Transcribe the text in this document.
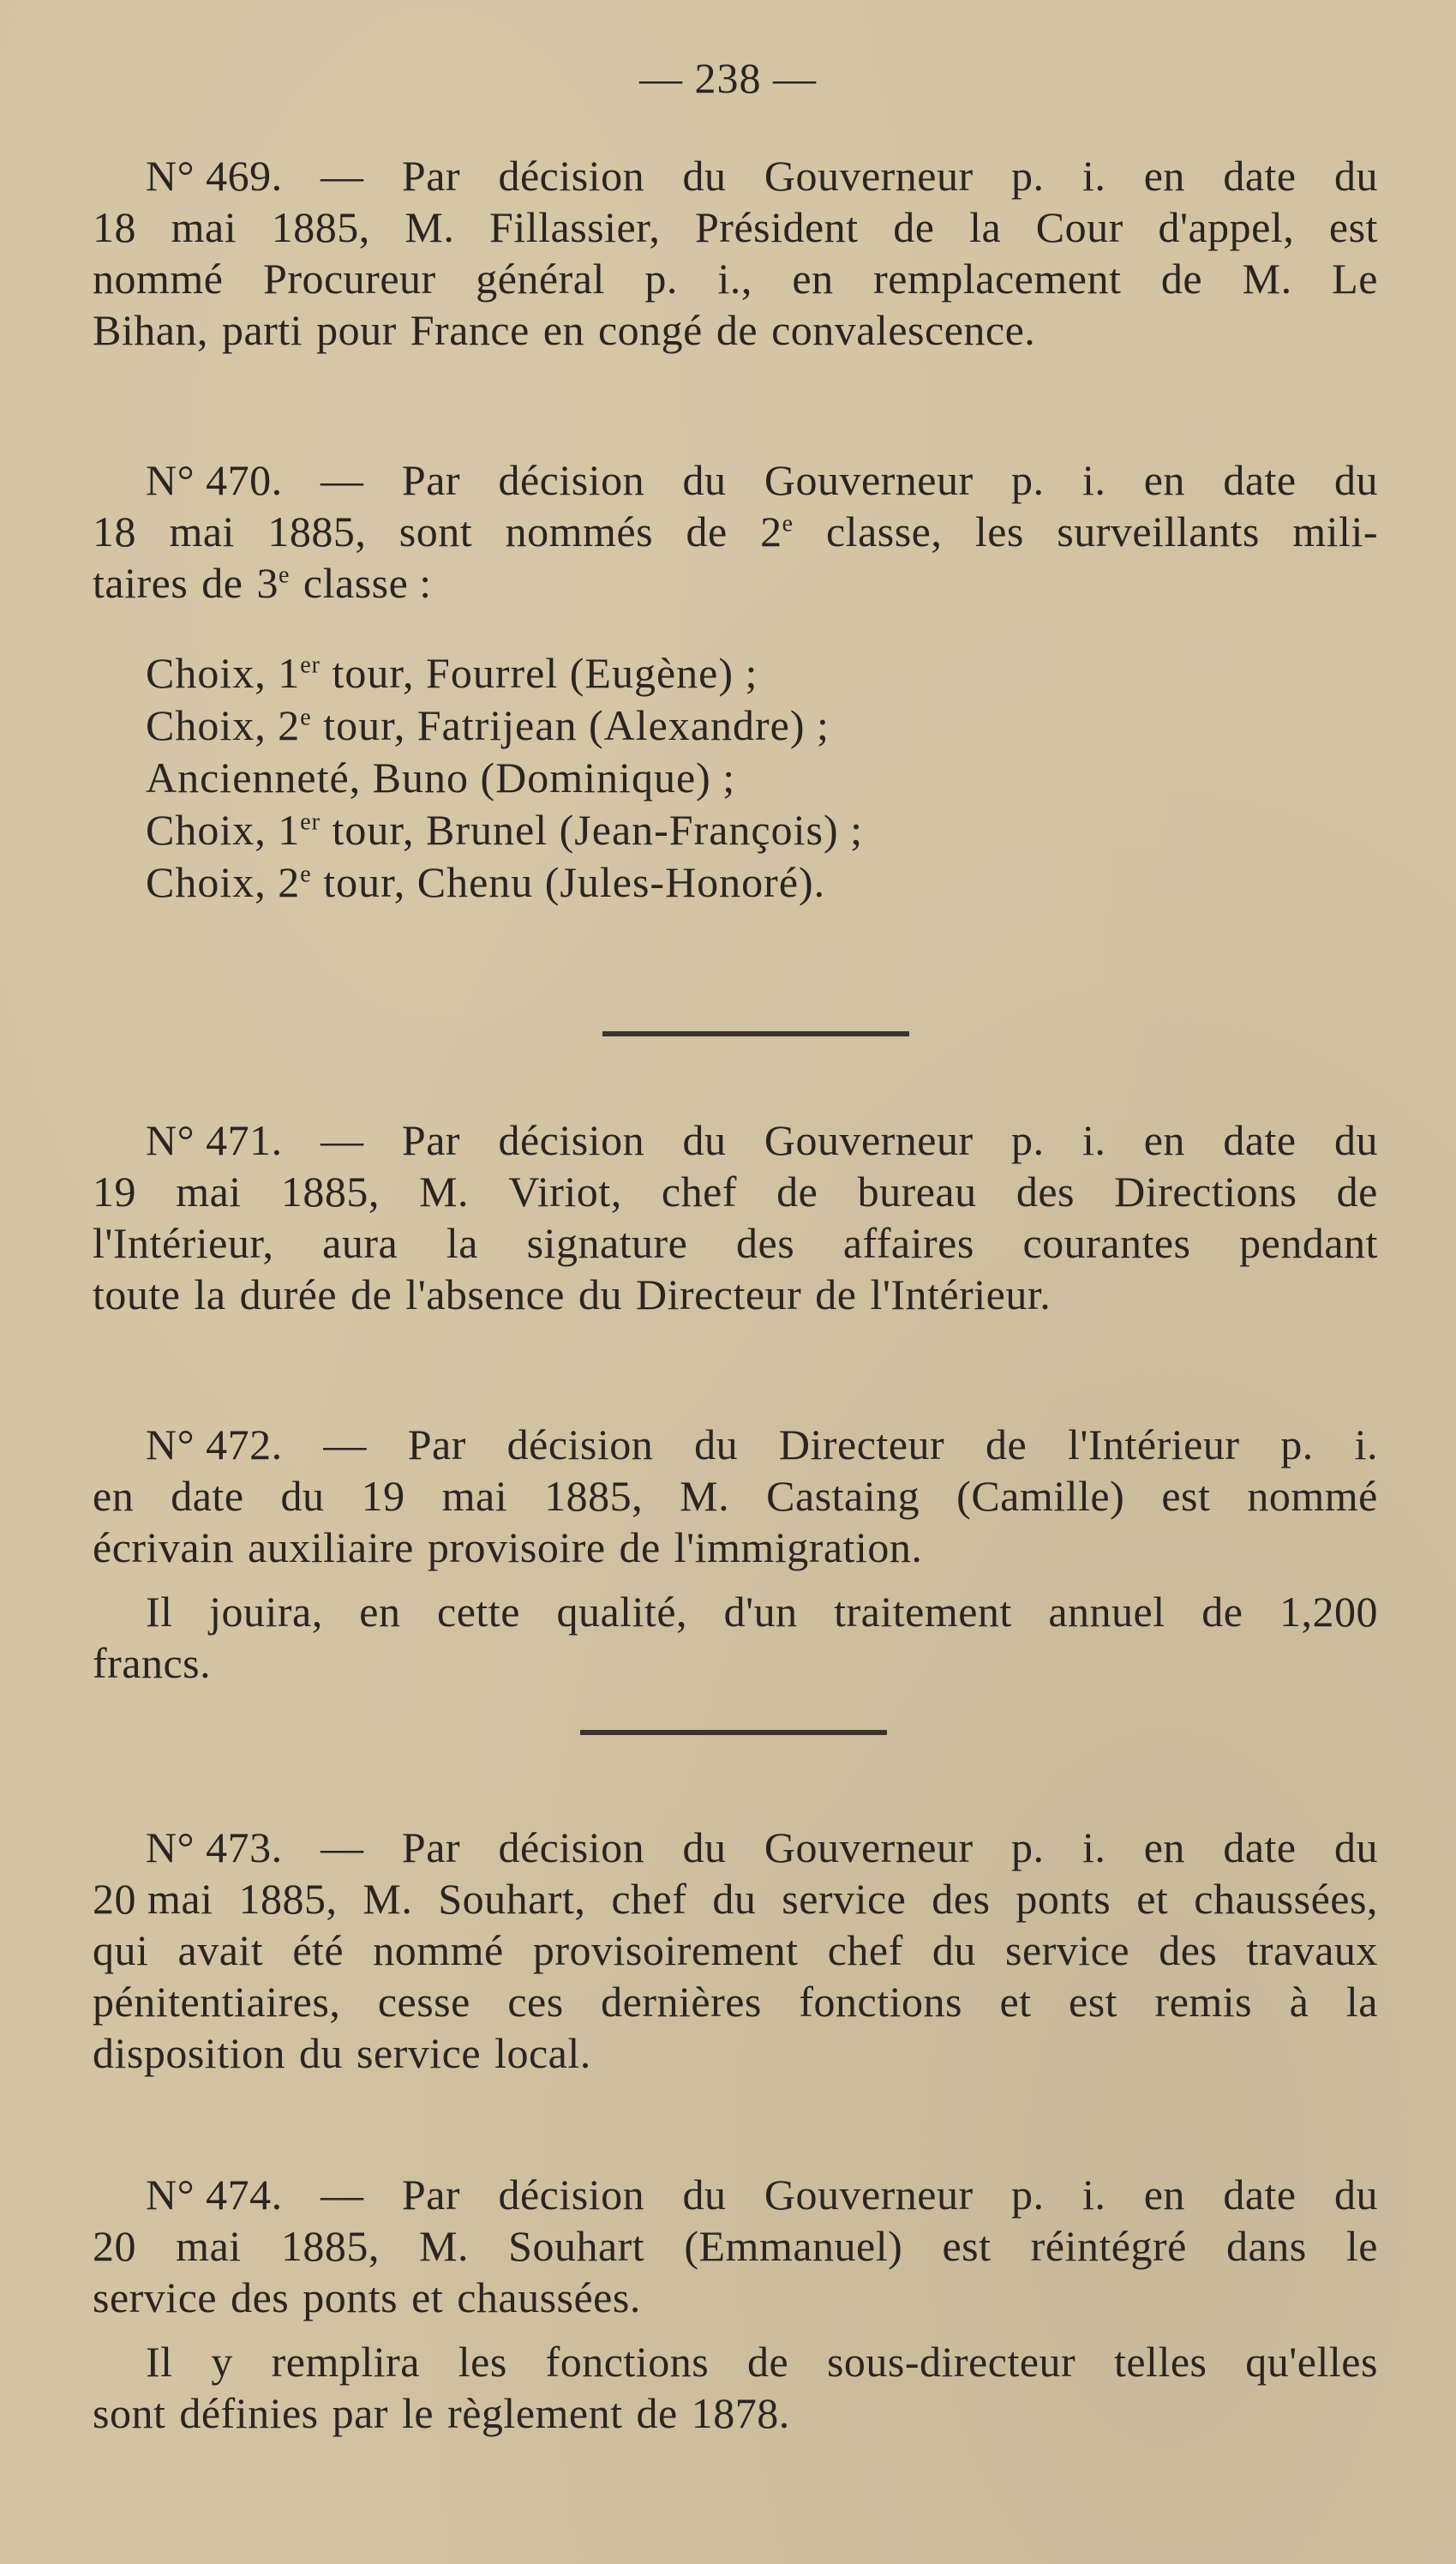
— 238 —
N° 469. — Par décision du Gouverneur p. i. en date du
18 mai 1885, M. Fillassier, Président de la Cour d'appel, est
nommé Procureur général p. i., en remplacement de M. Le
Bihan, parti pour France en congé de convalescence.
N° 470. — Par décision du Gouverneur p. i. en date du
18 mai 1885, sont nommés de 2e classe, les surveillants mili-
taires de 3e classe :
Choix, 1er tour, Fourrel (Eugène) ;
Choix, 2e tour, Fatrijean (Alexandre) ;
Ancienneté, Buno (Dominique) ;
Choix, 1er tour, Brunel (Jean-François) ;
Choix, 2e tour, Chenu (Jules-Honoré).
N° 471. — Par décision du Gouverneur p. i. en date du
19 mai 1885, M. Viriot, chef de bureau des Directions de
l'Intérieur, aura la signature des affaires courantes pendant
toute la durée de l'absence du Directeur de l'Intérieur.
N° 472. — Par décision du Directeur de l'Intérieur p. i.
en date du 19 mai 1885, M. Castaing (Camille) est nommé
écrivain auxiliaire provisoire de l'immigration.
Il jouira, en cette qualité, d'un traitement annuel de 1,200
francs.
N° 473. — Par décision du Gouverneur p. i. en date du
20 mai 1885, M. Souhart, chef du service des ponts et chaussées,
qui avait été nommé provisoirement chef du service des travaux
pénitentiaires, cesse ces dernières fonctions et est remis à la
disposition du service local.
N° 474. — Par décision du Gouverneur p. i. en date du
20 mai 1885, M. Souhart (Emmanuel) est réintégré dans le
service des ponts et chaussées.
Il y remplira les fonctions de sous-directeur telles qu'elles
sont définies par le règlement de 1878.
